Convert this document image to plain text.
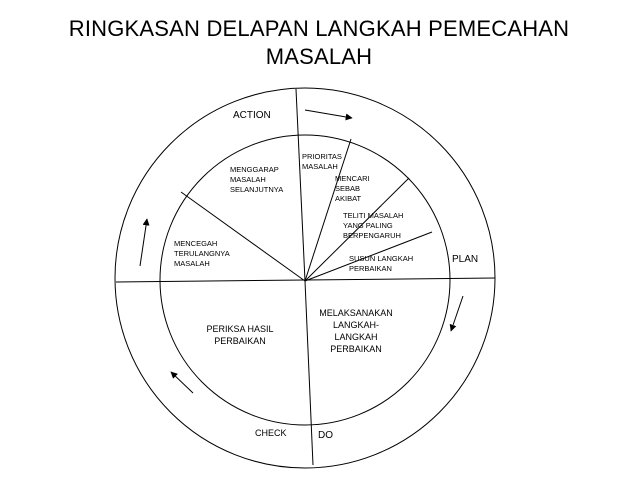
RINGKASAN DELAPAN LANGKAH PEMECAHAN
MASALAH
ACTION
PLAN
DO
CHECK
MENGGARAP
MASALAH
SELANJUTNYA
PRIORITAS
MASALAH
MENCARI
SEBAB
AKIBAT
TELITI MASALAH
YANG PALING
BERPENGARUH
SUSUN LANGKAH
PERBAIKAN
MENCEGAH
TERULANGNYA
MASALAH
MELAKSANAKAN
LANGKAH-
LANGKAH
PERBAIKAN
PERIKSA HASIL
PERBAIKAN
